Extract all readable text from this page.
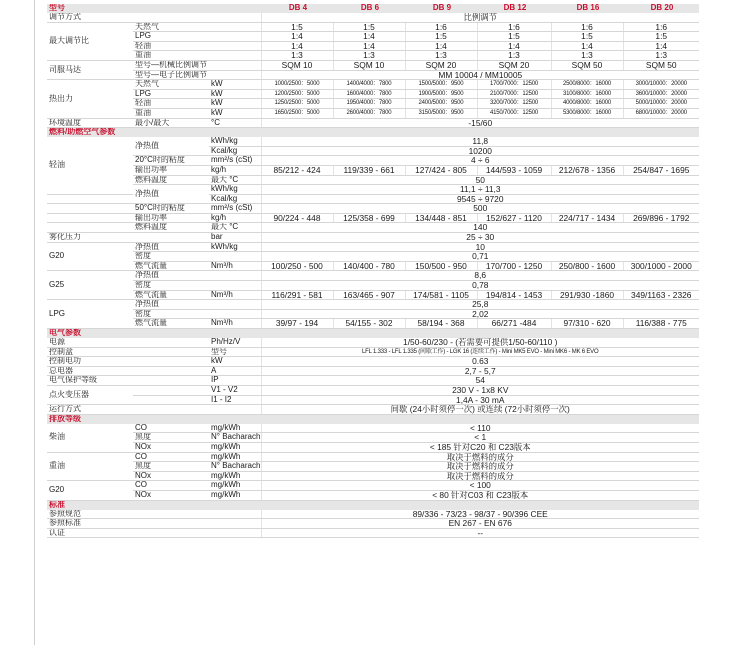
型号			DB 4	DB 6	DB 9	DB 12	DB 16	DB 20
调节方式			比例调节					
最大调节比	天然气		1:5	1:5	1:6	1:6	1:6	1:6
	LPG		1:4	1:4	1:5	1:5	1:5	1:5
	轻油		1:4	1:4	1:4	1:4	1:4	1:4
	重油		1:3	1:3	1:3	1:3	1:3	1:3
司服马达	型号—机械比例调节		SQM 10	SQM 10	SQM 20	SQM 20	SQM 50	SQM 50
	型号—电子比例调节		MM 10004 / MM10005					
热出力	天然气	kW	1000/2500：5000	1400/4000：7800	1500/5000：9500	1700/7000：12500	2500/8000：16000	3000/10000：20000
	LPG	kW	1200/2500：5000	1600/4000：7800	1900/5000：9500	2100/7000：12500	3100/8000：16000	3600/10000：20000
	轻油	kW	1250/2500：5000	1950/4000：7800	2400/5000：9500	3200/7000：12500	4000/8000：16000	5000/10000：20000
	重油	kW	1650/2500：5000	2600/4000：7800	3150/5000：9500	4150/7000：12500	5300/8000：16000	6800/10000：20000
环境温度	最小/最大	°C	-15/60					
燃料/助燃空气参数								
轻油	净热值	kWh/kg	11,8					
		Kcal/kg	10200					
	20°C时的粘度	mm²/s (cSt)	4 ÷ 6					
	输出功率	kg/h	85/212 - 424	119/339 - 661	127/424 - 805	144/593 - 1059	212/678 - 1356	254/847 - 1695
	燃料温度	最大 °C	50					
	净热值	kWh/kg	11,1 ÷ 11,3					
		Kcal/kg	9545 ÷ 9720					
	50°C时的粘度	mm²/s (cSt)	500					
	输出功率	kg/h	90/224 - 448	125/358 - 699	134/448 - 851	152/627 - 1120	224/717 - 1434	269/896 - 1792
	燃料温度	最大 °C	140					
雾化压力		bar	25 ÷ 30					
G20	净热值	kWh/kg	10					
	密度		0,71					
	燃气流量	Nm³/h	100/250 - 500	140/400 - 780	150/500 - 950	170/700 - 1250	250/800 - 1600	300/1000 - 2000
G25	净热值		8,6					
	密度		0,78					
	燃气流量	Nm³/h	116/291 - 581	163/465 - 907	174/581 - 1105	194/814 - 1453	291/930 -1860	349/1163 - 2326
LPG	净热值		25,8					
	密度		2,02					
	燃气流量	Nm³/h	39/97 - 194	54/155 - 302	58/194 - 368	66/271 -484	97/310 - 620	116/388 - 775
电气参数								
电源		Ph/Hz/V	1/50-60/230 - (若需要可提供1/50-60/110 )					
控制盒		型号	LFL 1.333 - LFL 1.335 (间歇工作) - LGK 16 (连续工作) - Mini MK5 EVO - Mini MK6 - MK 6 EVO					
控制电功		kW	0.63					
总电器		A	2,7 - 5,7					
电气保护等级		IP	54					
点火变压器		V1 - V2	230 V - 1x8 KV					
		I1 - I2	1,4A - 30 mA					
运行方式			间歇 (24小时须停一次) 或连续 (72小时须停一次)					
排放等级								
柴油	CO	mg/kWh	< 110					
	黑度	N° Bacharach	< 1					
	NOx	mg/kWh	< 185 针对C20 和 C23版本					
重油	CO	mg/kWh	取决于燃料的成分					
	黑度	N° Bacharach	取决于燃料的成分					
	NOx	mg/kWh	取决于燃料的成分					
G20	CO	mg/kWh	< 100					
	NOx	mg/kWh	< 80 针对C03 和 C23版本					
标准								
参照规范			89/336 - 73/23 - 98/37 - 90/396 CEE					
参照标准			EN 267 - EN 676					
认证			--					
